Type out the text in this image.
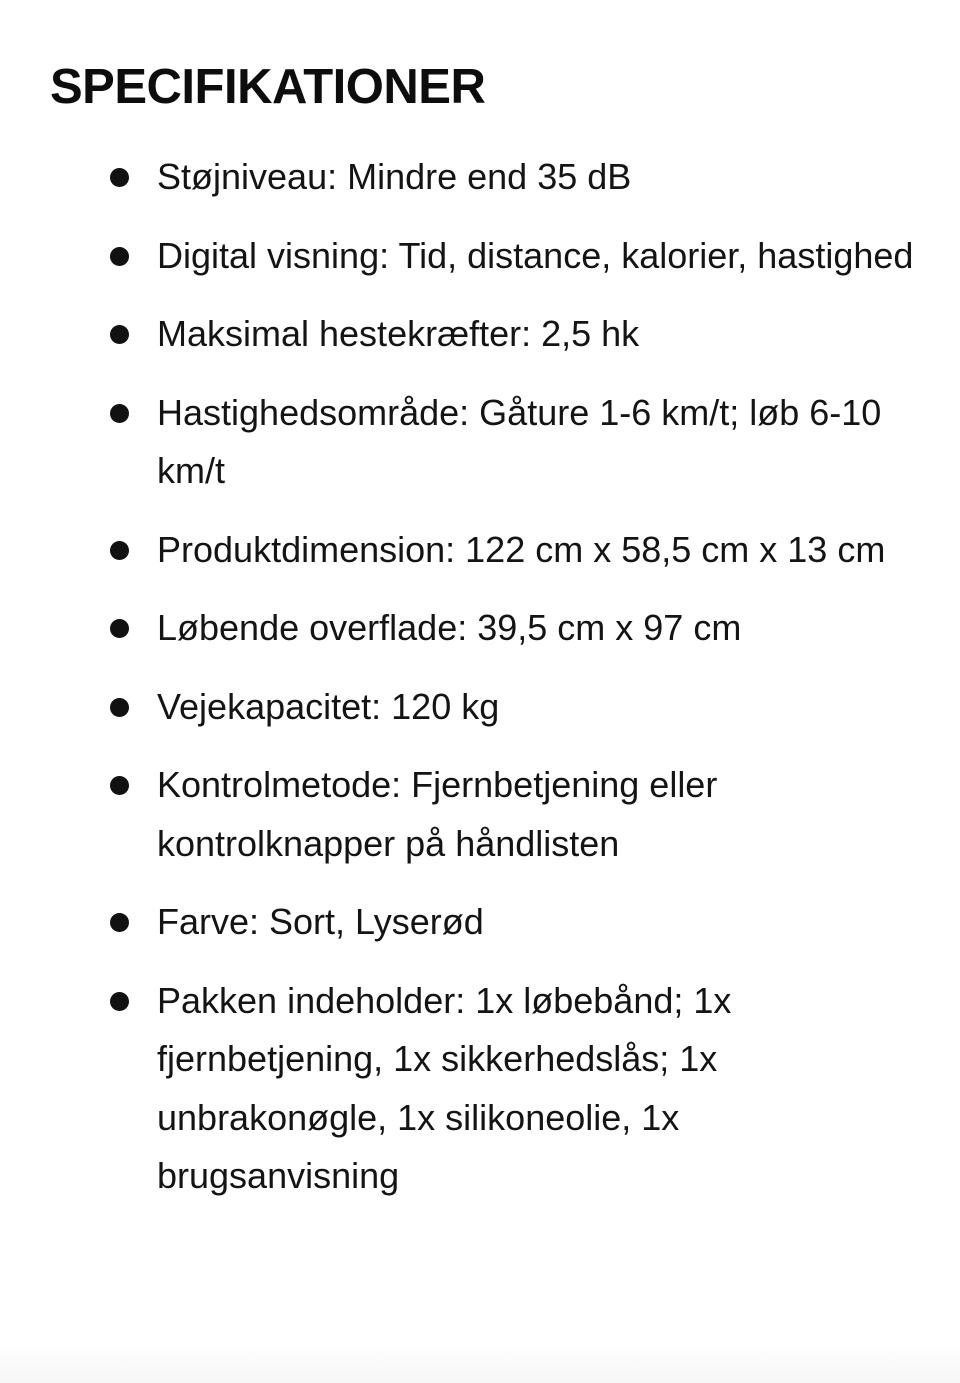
SPECIFIKATIONER
Støjniveau: Mindre end 35 dB
Digital visning: Tid, distance, kalorier, hastighed
Maksimal hestekræfter: 2,5 hk
Hastighedsområde: Gåture 1-6 km/t; løb 6-10 km/t
Produktdimension: 122 cm x 58,5 cm x 13 cm
Løbende overflade: 39,5 cm x 97 cm
Vejekapacitet: 120 kg
Kontrolmetode: Fjernbetjening eller kontrolknapper på håndlisten
Farve: Sort, Lyserød
Pakken indeholder: 1x løbebånd; 1x fjernbetjening, 1x sikkerhedslås; 1x unbrakonøgle, 1x silikoneolie, 1x brugsanvisning
